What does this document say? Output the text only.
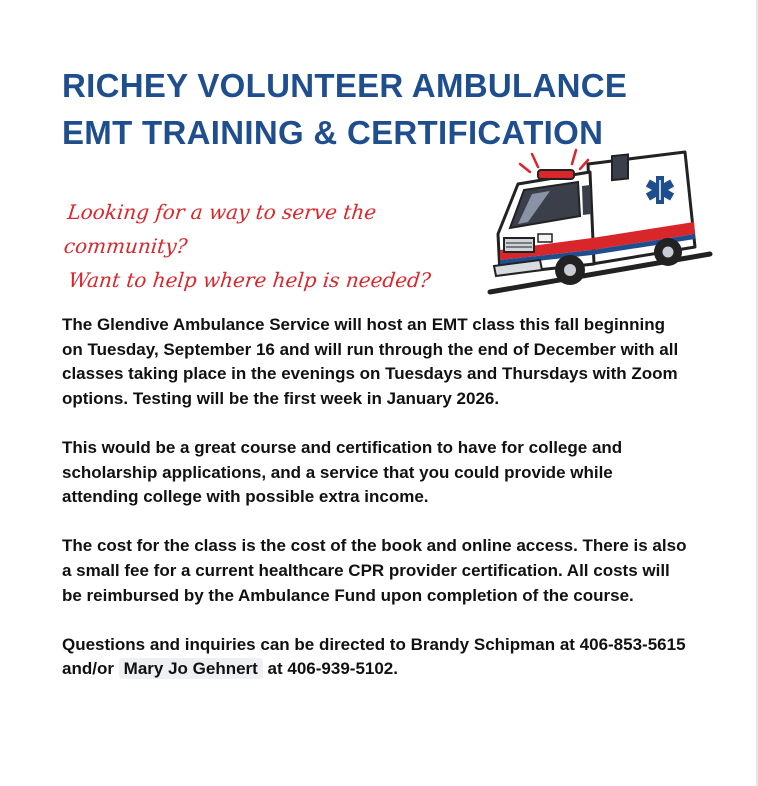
RICHEY VOLUNTEER AMBULANCE
EMT TRAINING & CERTIFICATION
Looking for a way to serve the community?
Want to help where help is needed?

The Glendive Ambulance Service will host an EMT class this fall beginning on Tuesday, September 16 and will run through the end of December with all classes taking place in the evenings on Tuesdays and Thursdays with Zoom options. Testing will be the first week in January 2026.

This would be a great course and certification to have for college and scholarship applications, and a service that you could provide while attending college with possible extra income.

The cost for the class is the cost of the book and online access. There is also a small fee for a current healthcare CPR provider certification. All costs will be reimbursed by the Ambulance Fund upon completion of the course.

Questions and inquiries can be directed to Brandy Schipman at 406-853-5615 and/or Mary Jo Gehnert at 406-939-5102.
